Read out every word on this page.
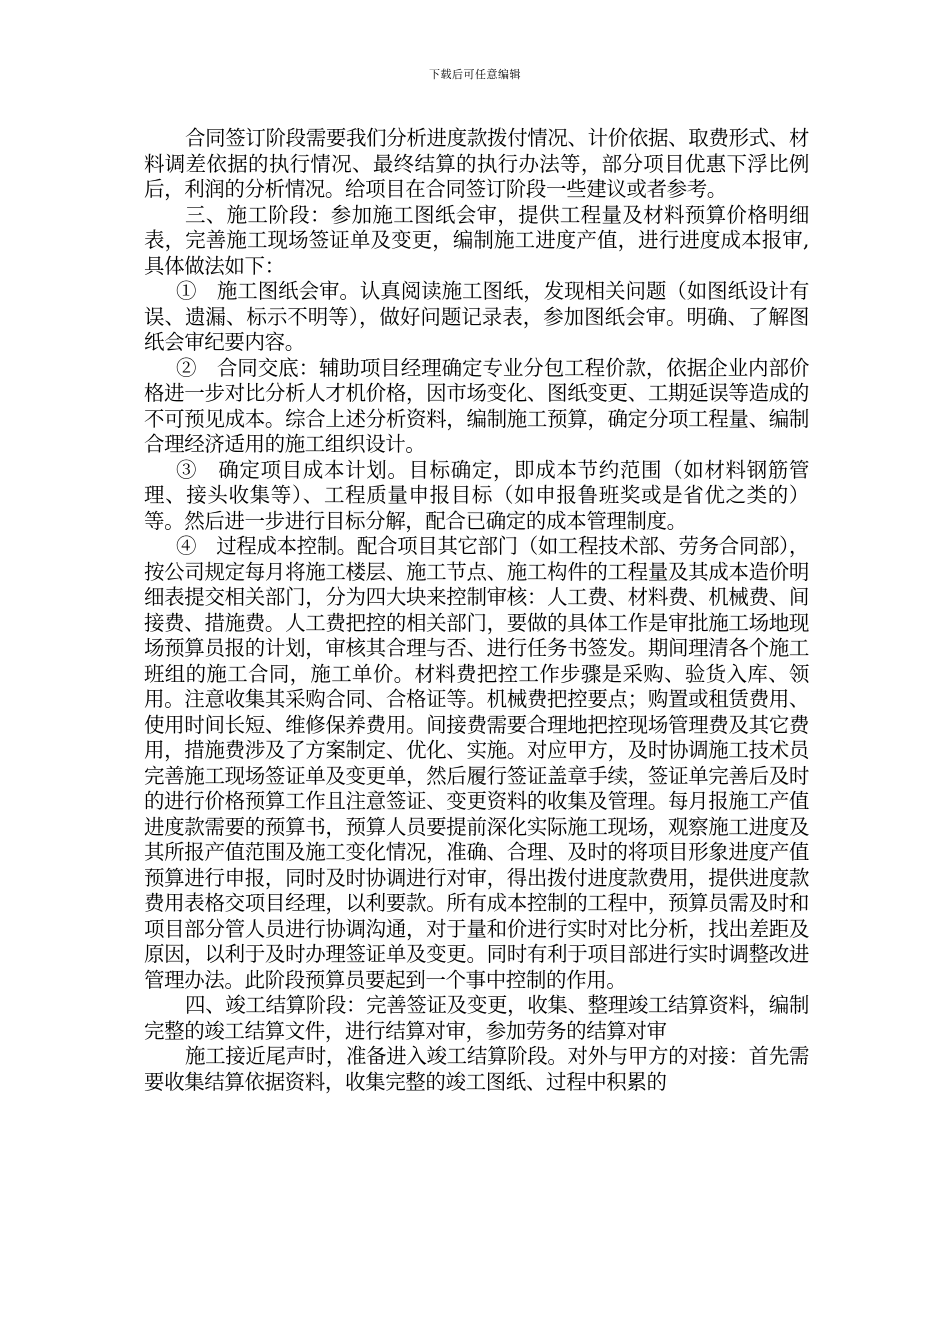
下载后可任意编辑

合同签订阶段需要我们分析进度款拨付情况、计价依据、取费形式、材料调差依据的执行情况、最终结算的执行办法等，部分项目优惠下浮比例后，利润的分析情况。给项目在合同签订阶段一些建议或者参考。

三、施工阶段：参加施工图纸会审，提供工程量及材料预算价格明细表，完善施工现场签证单及变更，编制施工进度产值，进行进度成本报审,具体做法如下：

①　施工图纸会审。认真阅读施工图纸，发现相关问题（如图纸设计有误、遗漏、标示不明等），做好问题记录表，参加图纸会审。明确、了解图纸会审纪要内容。

②　合同交底：辅助项目经理确定专业分包工程价款，依据企业内部价格进一步对比分析人才机价格，因市场变化、图纸变更、工期延误等造成的不可预见成本。综合上述分析资料，编制施工预算，确定分项工程量、编制合理经济适用的施工组织设计。

③　确定项目成本计划。目标确定，即成本节约范围（如材料钢筋管理、接头收集等）、工程质量申报目标（如申报鲁班奖或是省优之类的）等。然后进一步进行目标分解，配合已确定的成本管理制度。

④　过程成本控制。配合项目其它部门（如工程技术部、劳务合同部），按公司规定每月将施工楼层、施工节点、施工构件的工程量及其成本造价明细表提交相关部门，分为四大块来控制审核：人工费、材料费、机械费、间接费、措施费。人工费把控的相关部门，要做的具体工作是审批施工场地现场预算员报的计划，审核其合理与否、进行任务书签发。期间理清各个施工班组的施工合同，施工单价。材料费把控工作步骤是采购、验货入库、领用。注意收集其采购合同、合格证等。机械费把控要点；购置或租赁费用、使用时间长短、维修保养费用。间接费需要合理地把控现场管理费及其它费用，措施费涉及了方案制定、优化、实施。对应甲方，及时协调施工技术员完善施工现场签证单及变更单，然后履行签证盖章手续，签证单完善后及时的进行价格预算工作且注意签证、变更资料的收集及管理。每月报施工产值进度款需要的预算书，预算人员要提前深化实际施工现场，观察施工进度及其所报产值范围及施工变化情况，准确、合理、及时的将项目形象进度产值预算进行申报，同时及时协调进行对审，得出拨付进度款费用，提供进度款费用表格交项目经理，以利要款。所有成本控制的工程中，预算员需及时和项目部分管人员进行协调沟通，对于量和价进行实时对比分析，找出差距及原因，以利于及时办理签证单及变更。同时有利于项目部进行实时调整改进管理办法。此阶段预算员要起到一个事中控制的作用。

四、竣工结算阶段：完善签证及变更，收集、整理竣工结算资料，编制完整的竣工结算文件，进行结算对审，参加劳务的结算对审

施工接近尾声时，准备进入竣工结算阶段。对外与甲方的对接：首先需要收集结算依据资料，收集完整的竣工图纸、过程中积累的
